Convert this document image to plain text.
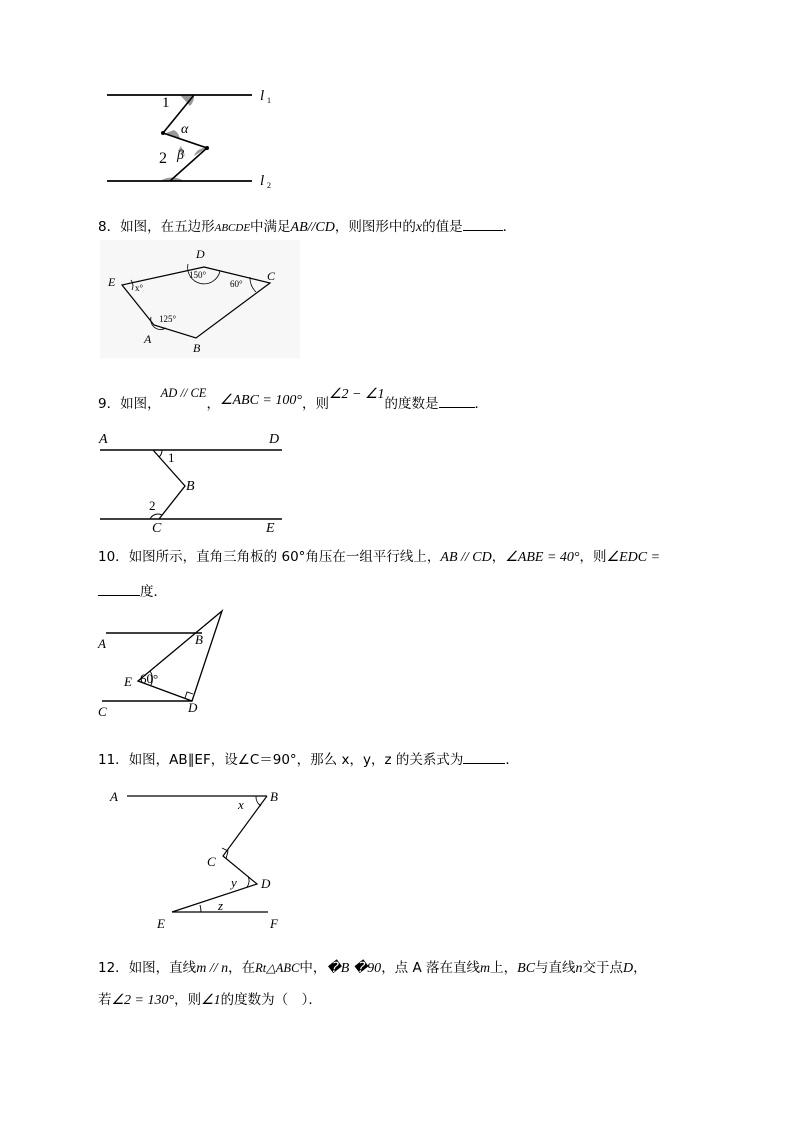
l 1
l 2
1
α
β
2
8．如图，在五边形ABCDE中满足AB//CD，则图形中的x的值是	．
D
E	C
A
B
150°
60°
x°
125°
9．如图，AD // CE，∠ABC = 100°，则∠2 − ∠1的度数是	．
A	D
1
B
2
C	E
10．如图所示，直角三角板的 60°角压在一组平行线上，AB // CD，∠ABE = 40°，则∠EDC =
度．
A	B
E 60°
C	D
11．如图，AB∥EF，设∠C＝90°，那么 x，y，z 的关系式为	．
A	B
x
C
y D
E
z
F
12．如图，直线m // n，在Rt△ABC中，�B �90，点 A 落在直线m上，BC与直线n交于点D，
若∠2 = 130°，则∠1的度数为（　）．
